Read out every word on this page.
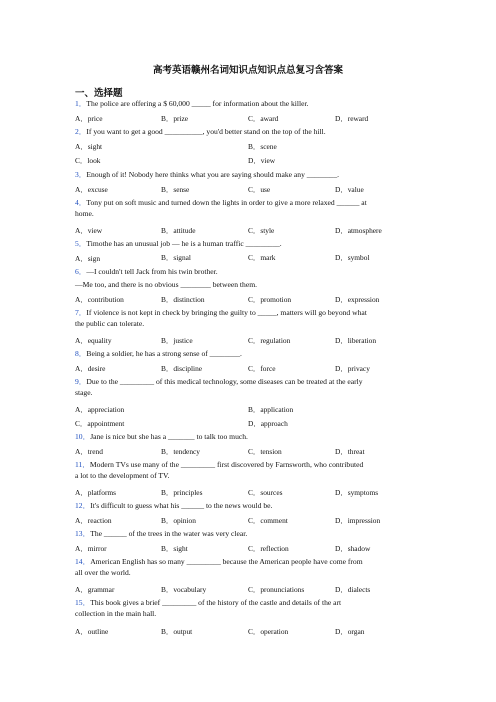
高考英语赣州名词知识点知识点总复习含答案
一、选择题
1．The police are offering a $ 60,000 _____ for information about the killer.
A．price	B．prize	C．award	D．reward
2．If you want to get a good __________, you'd better stand on the top of the hill.
A．sight	B．scene
C．look	D．view
3．Enough of it! Nobody here thinks what you are saying should make any ________.
A．excuse	B．sense	C．use	D．value
4．Tony put on soft music and turned down the lights in order to give a more relaxed ______ at home.
A．view	B．attitude	C．style	D．atmosphere
5．Timothe has an unusual job — he is a human traffic _________.
A．sign	B．signal	C．mark	D．symbol
6．—I couldn't tell Jack from his twin brother.
—Me too, and there is no obvious ________ between them.
A．contribution	B．distinction	C．promotion	D．expression
7．If violence is not kept in check by bringing the guilty to _____, matters will go beyond what the public can tolerate.
A．equality	B．justice	C．regulation	D．liberation
8．Being a soldier, he has a strong sense of ________.
A．desire	B．discipline	C．force	D．privacy
9．Due to the _________ of this medical technology, some diseases can be treated at the early stage.
A．appreciation	B．application
C．appointment	D．approach
10．Jane is nice but she has a _______ to talk too much.
A．trend	B．tendency	C．tension	D．threat
11．Modern TVs use many of the _________ first discovered by Farnsworth, who contributed a lot to the development of TV.
A．platforms	B．principles	C．sources	D．symptoms
12．It's difficult to guess what his ______ to the news would be.
A．reaction	B．opinion	C．comment	D．impression
13．The ______ of the trees in the water was very clear.
A．mirror	B．sight	C．reflection	D．shadow
14．American English has so many _________ because the American people have come from all over the world.
A．grammar	B．vocabulary	C．pronunciations	D．dialects
15．This book gives a brief _________ of the history of the castle and details of the art collection in the main hall.
A．outline	B．output	C．operation	D．organ
